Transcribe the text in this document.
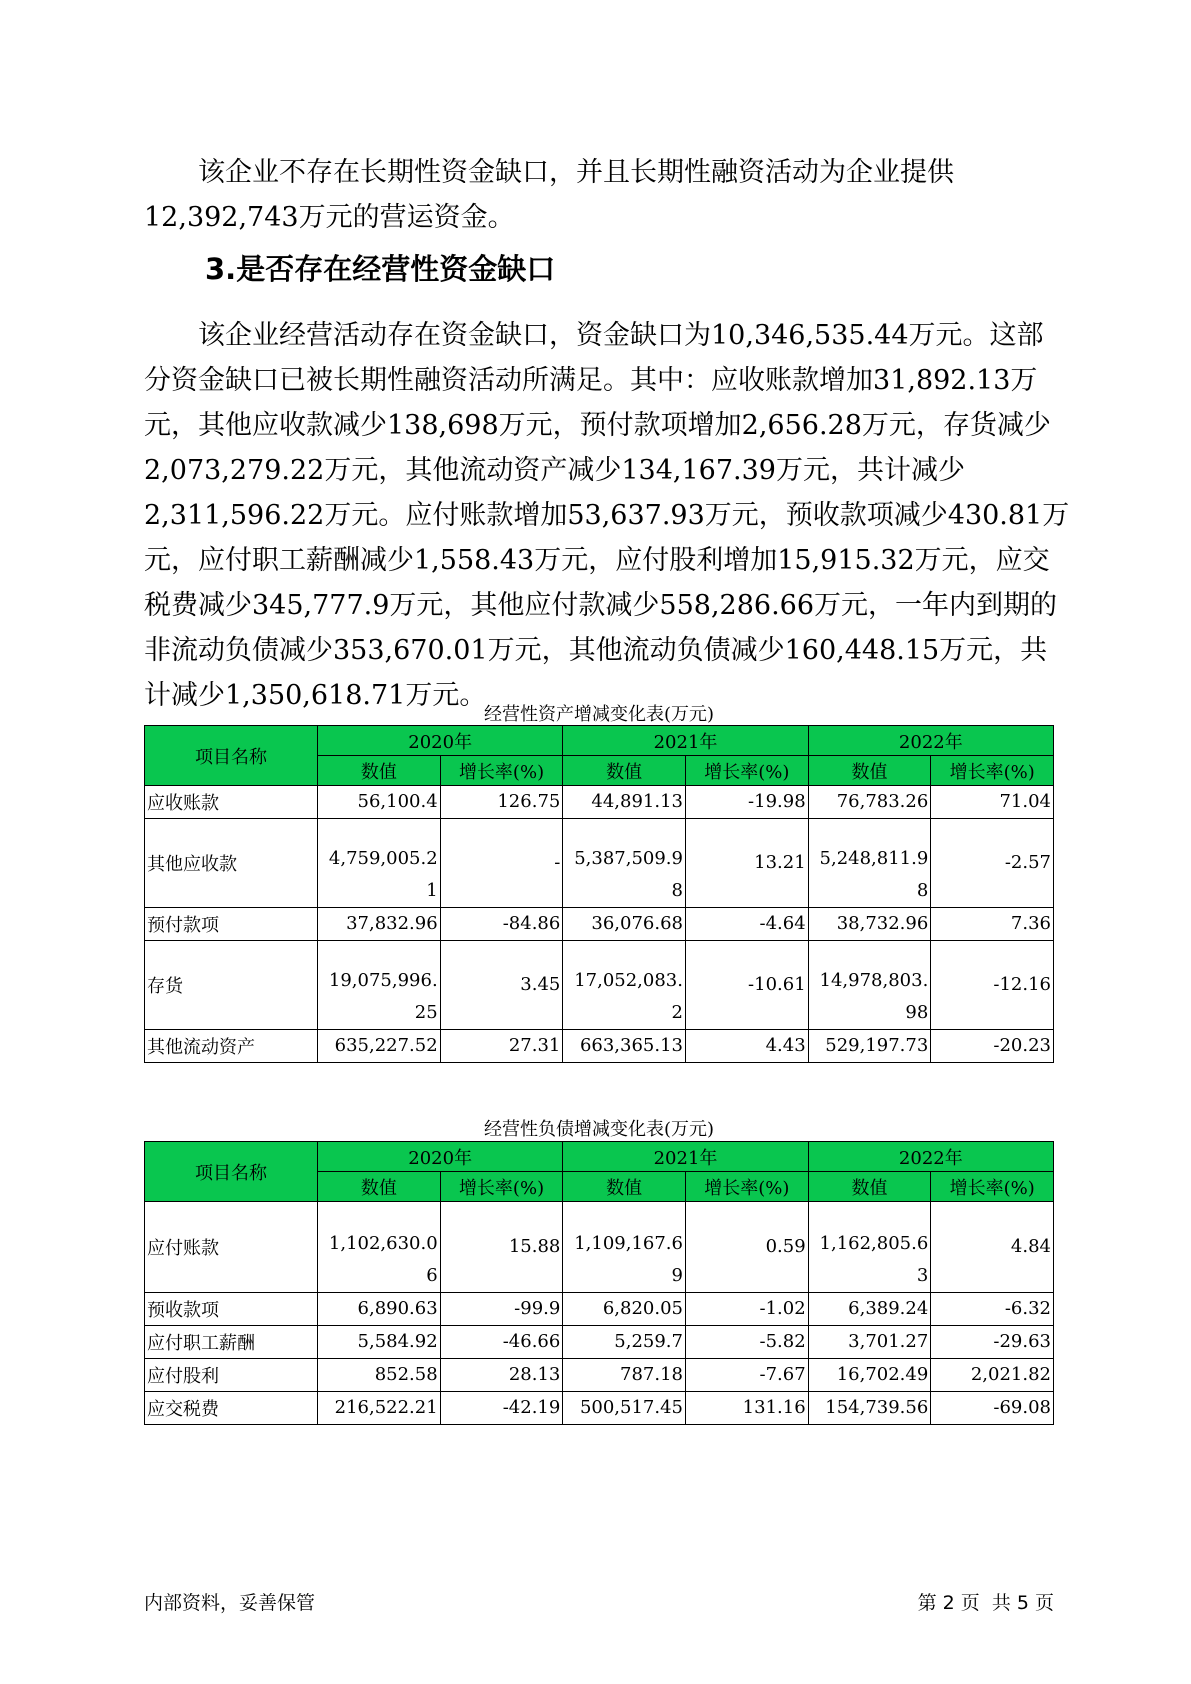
该企业不存在长期性资金缺口，并且长期性融资活动为企业提供
12,392,743万元的营运资金。
3.是否存在经营性资金缺口
该企业经营活动存在资金缺口，资金缺口为10,346,535.44万元。这部
分资金缺口已被长期性融资活动所满足。其中：应收账款增加31,892.13万
元，其他应收款减少138,698万元，预付款项增加2,656.28万元，存货减少
2,073,279.22万元，其他流动资产减少134,167.39万元，共计减少
2,311,596.22万元。应付账款增加53,637.93万元，预收款项减少430.81万
元，应付职工薪酬减少1,558.43万元，应付股利增加15,915.32万元，应交
税费减少345,777.9万元，其他应付款减少558,286.66万元，一年内到期的
非流动负债减少353,670.01万元，其他流动负债减少160,448.15万元，共
计减少1,350,618.71万元。
经营性资产增减变化表(万元)
项目名称	2020年		2021年		2022年	
	数值	增长率(%)	数值	增长率(%)	数值	增长率(%)
应收账款	56,100.4	126.75	44,891.13	-19.98	76,783.26	71.04
其他应收款	4,759,005.21	-	5,387,509.98	13.21	5,248,811.98	-2.57
预付款项	37,832.96	-84.86	36,076.68	-4.64	38,732.96	7.36
存货	19,075,996.25	3.45	17,052,083.2	-10.61	14,978,803.98	-12.16
其他流动资产	635,227.52	27.31	663,365.13	4.43	529,197.73	-20.23
经营性负债增减变化表(万元)
项目名称	2020年		2021年		2022年	
	数值	增长率(%)	数值	增长率(%)	数值	增长率(%)
应付账款	1,102,630.06	15.88	1,109,167.69	0.59	1,162,805.63	4.84
预收款项	6,890.63	-99.9	6,820.05	-1.02	6,389.24	-6.32
应付职工薪酬	5,584.92	-46.66	5,259.7	-5.82	3,701.27	-29.63
应付股利	852.58	28.13	787.18	-7.67	16,702.49	2,021.82
应交税费	216,522.21	-42.19	500,517.45	131.16	154,739.56	-69.08
内部资料，妥善保管	第 2 页  共 5 页
